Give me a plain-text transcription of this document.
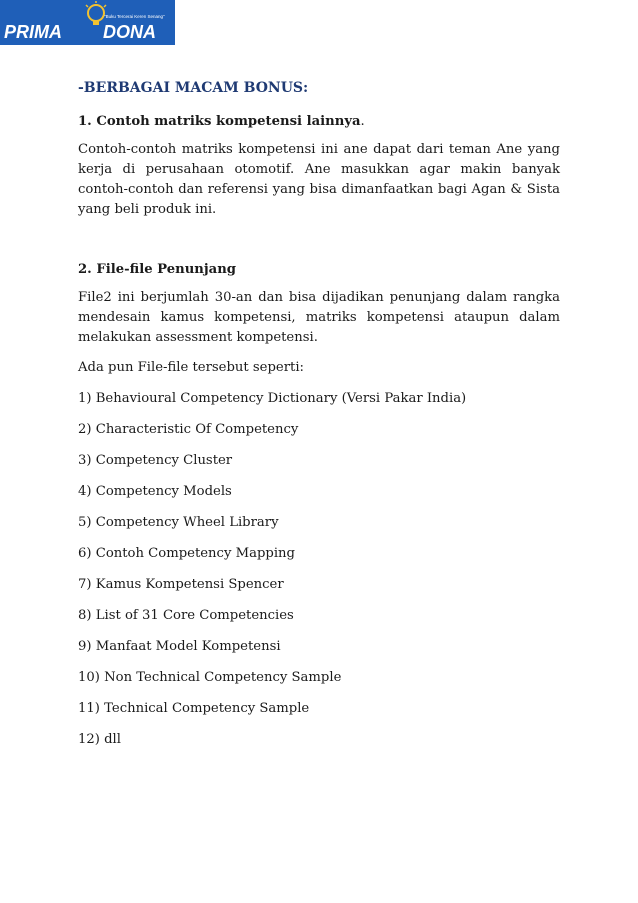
PRIMA DONA
"Buku Tercerai Keren Senang"
-BERBAGAI MACAM BONUS:
1. Contoh matriks kompetensi lainnya.
Contoh-contoh matriks kompetensi ini ane dapat dari teman Ane yang kerja di perusahaan otomotif. Ane masukkan agar makin banyak contoh-contoh dan referensi yang bisa dimanfaatkan bagi Agan & Sista yang beli produk ini.
2. File-file Penunjang
File2 ini berjumlah 30-an dan bisa dijadikan penunjang dalam rangka mendesain kamus kompetensi, matriks kompetensi ataupun dalam melakukan assessment kompetensi.
Ada pun File-file tersebut seperti:
1) Behavioural Competency Dictionary (Versi Pakar India)
2) Characteristic Of Competency
3) Competency Cluster
4) Competency Models
5) Competency Wheel Library
6) Contoh Competency Mapping
7) Kamus Kompetensi Spencer
8) List of 31 Core Competencies
9) Manfaat Model Kompetensi
10) Non Technical Competency Sample
11) Technical Competency Sample
12) dll
